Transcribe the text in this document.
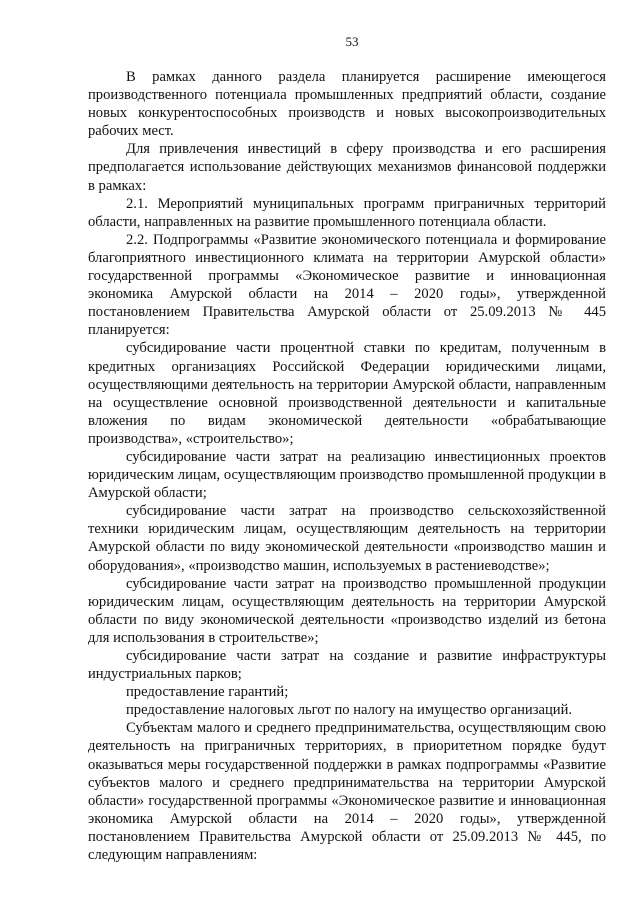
53

В рамках данного раздела планируется расширение имеющегося производственного потенциала промышленных предприятий области, создание новых конкурентоспособных производств и новых высокопроизводительных рабочих мест.

Для привлечения инвестиций в сферу производства и его расширения предполагается использование действующих механизмов финансовой поддержки в рамках:

2.1. Мероприятий муниципальных программ приграничных территорий области, направленных на развитие промышленного потенциала области.

2.2. Подпрограммы «Развитие экономического потенциала и формирование благоприятного инвестиционного климата на территории Амурской области» государственной программы «Экономическое развитие и инновационная экономика Амурской области на 2014 – 2020 годы», утвержденной постановлением Правительства Амурской области от 25.09.2013 № 445 планируется:

субсидирование части процентной ставки по кредитам, полученным в кредитных организациях Российской Федерации юридическими лицами, осуществляющими деятельность на территории Амурской области, направленным на осуществление основной производственной деятельности и капитальные вложения по видам экономической деятельности «обрабатывающие производства», «строительство»;

субсидирование части затрат на реализацию инвестиционных проектов юридическим лицам, осуществляющим производство промышленной продукции в Амурской области;

субсидирование части затрат на производство сельскохозяйственной техники юридическим лицам, осуществляющим деятельность на территории Амурской области по виду экономической деятельности «производство машин и оборудования», «производство машин, используемых в растениеводстве»;

субсидирование части затрат на производство промышленной продукции юридическим лицам, осуществляющим деятельность на территории Амурской области по виду экономической деятельности «производство изделий из бетона для использования в строительстве»;

субсидирование части затрат на создание и развитие инфраструктуры индустриальных парков;

предоставление гарантий;

предоставление налоговых льгот по налогу на имущество организаций.

Субъектам малого и среднего предпринимательства, осуществляющим свою деятельность на приграничных территориях, в приоритетном порядке будут оказываться меры государственной поддержки в рамках подпрограммы «Развитие субъектов малого и среднего предпринимательства на территории Амурской области» государственной программы «Экономическое развитие и инновационная экономика Амурской области на 2014 – 2020 годы», утвержденной постановлением Правительства Амурской области от 25.09.2013 № 445, по следующим направлениям:
